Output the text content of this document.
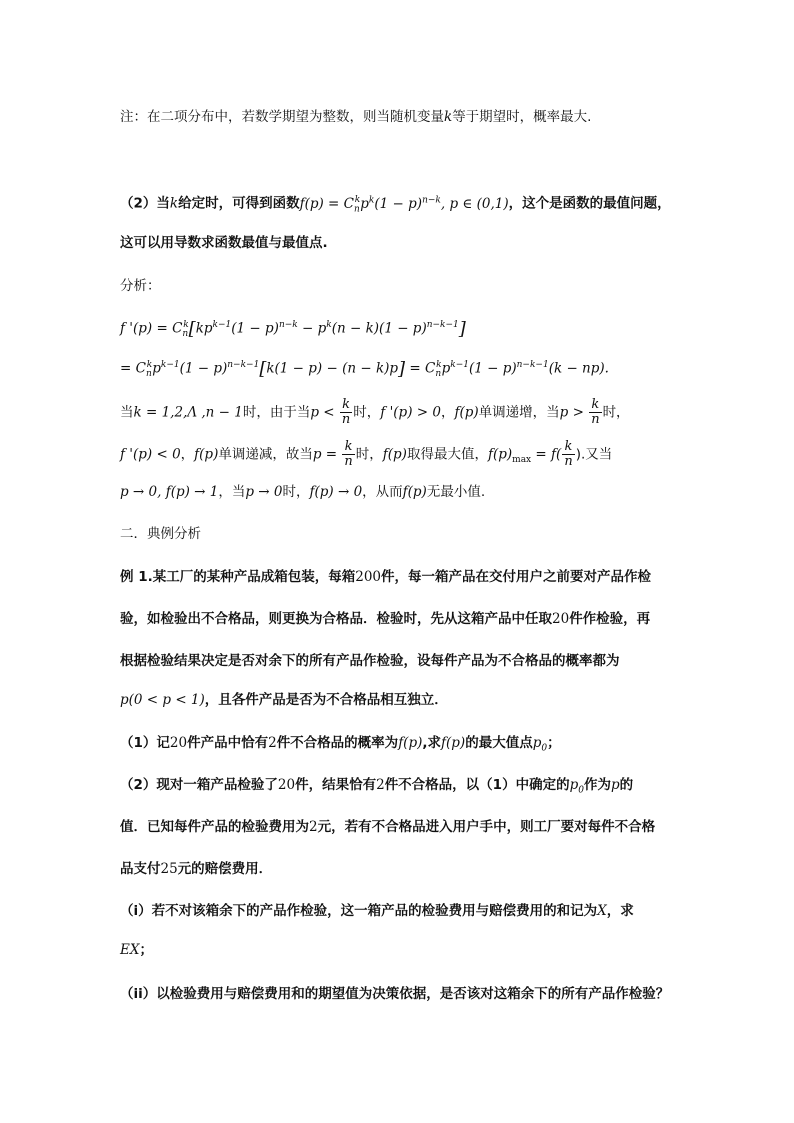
注：在二项分布中，若数学期望为整数，则当随机变量k等于期望时，概率最大.
（2）当k给定时，可得到函数$f(p) = C_n^kp^k(1 - p)^{n-k}$, p ∈ (0,1)，这个是函数的最值问题，
这可以用导数求函数最值与最值点.
分析：
f '$(p) = C_n^k[kp^{k-1}(1 - p)^{n-k} - p^k(n - k)(1 - p)^{n-k-1}]$
= $C_n^kp^{k-1}(1 - p)^{n-k-1}[k(1 - p) - (n - k)p] = C_n^kp^{k-1}(1 - p)^{n-k-1}(k - np)$.
当k = 1,2,Λ ,n − 1时，由于当$p < \frac{k}{n}$ 时，f '(p) > 0，f(p)单调递增，当$p > \frac{k}{n}$ 时，
f '(p) < 0，f(p)单调递减，故当$p = \frac{k}{n}$ 时，f(p)取得最大值，$f(p)_{max} = f( \frac{k}{n}$ ).又当
p → 0, f(p) → 1，当p → 0时，f(p) → 0，从而f(p)无最小值.
二．典例分析
例 1.某工厂的某种产品成箱包装，每箱200件，每一箱产品在交付用户之前要对产品作检
验，如检验出不合格品，则更换为合格品．检验时，先从这箱产品中任取20件作检验，再
根据检验结果决定是否对余下的所有产品作检验，设每件产品为不合格品的概率都为
p(0 < p < 1)，且各件产品是否为不合格品相互独立．
（1）记20件产品中恰有2件不合格品的概率为f(p),求f(p)的最大值点$p_0$；
（2）现对一箱产品检验了20件，结果恰有2件不合格品，以（1）中确定的$p_0$作为p的
值．已知每件产品的检验费用为2元，若有不合格品进入用户手中，则工厂要对每件不合格
品支付25元的赔偿费用．
（i）若不对该箱余下的产品作检验，这一箱产品的检验费用与赔偿费用的和记为X，求
EX；
（ii）以检验费用与赔偿费用和的期望值为决策依据，是否该对这箱余下的所有产品作检验？
